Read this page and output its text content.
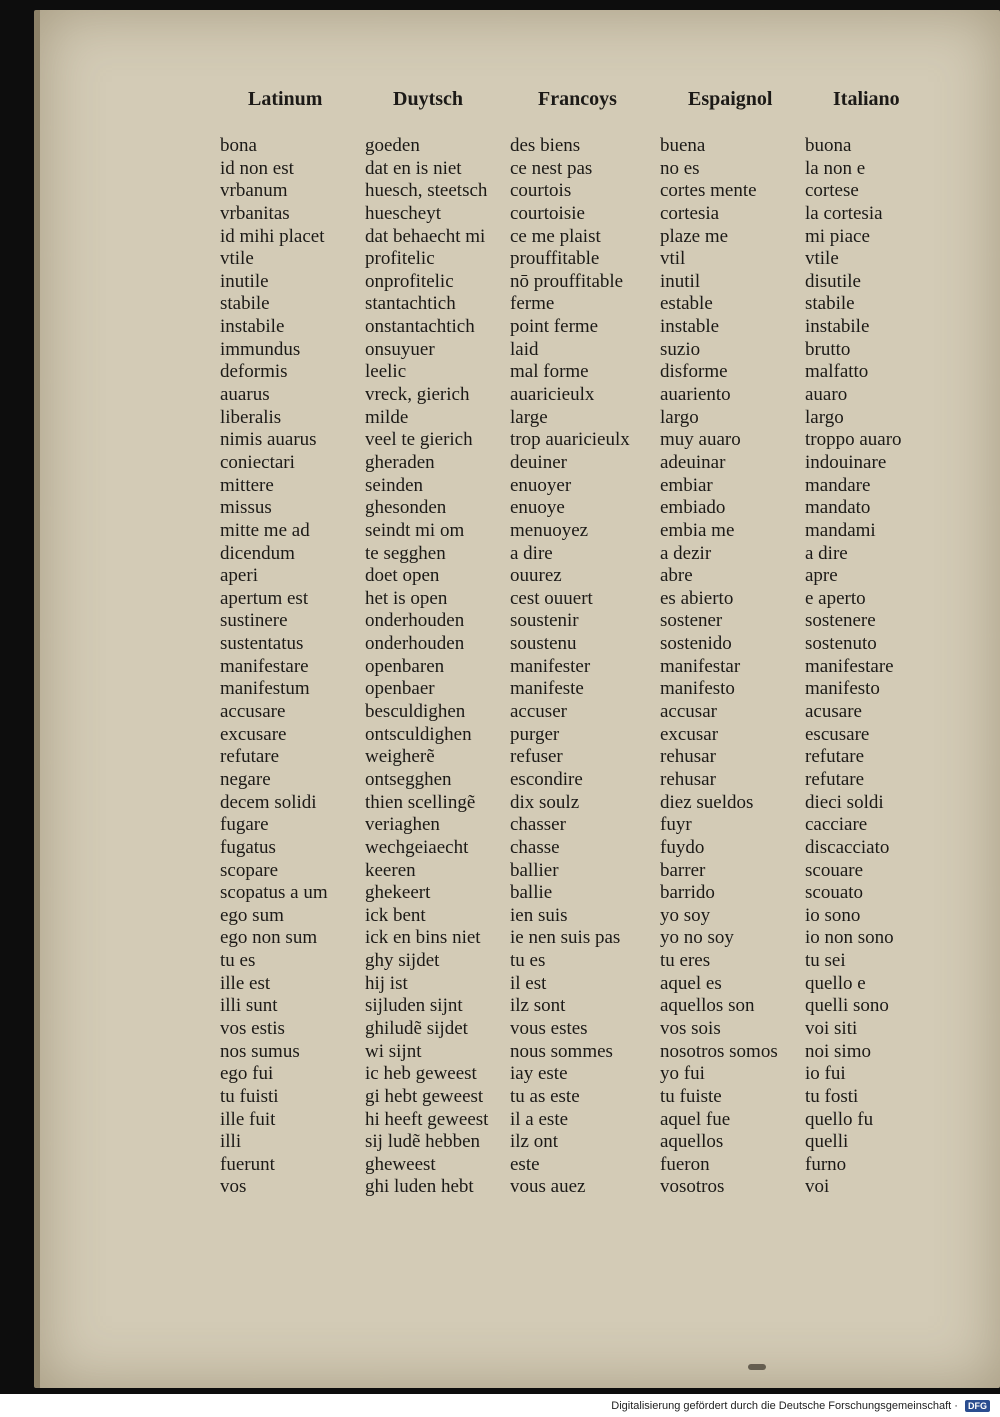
Latinum
bona
id non est
vrbanum
vrbanitas
id mihi placet
vtile
inutile
stabile
instabile
immundus
deformis
auarus
liberalis
nimis auarus
coniectari
mittere
missus
mitte me ad
dicendum
aperi
apertum est
sustinere
sustentatus
manifestare
manifestum
accusare
excusare
refutare
negare
decem solidi
fugare
fugatus
scopare
scopatus a um
ego sum
ego non sum
tu es
ille est
illi sunt
vos estis
nos sumus
ego fui
tu fuisti
ille fuit
illi
fuerunt
vos
Duytsch
goeden
dat en is niet
huesch, steetsch
huescheyt
dat behaecht mi
profitelic
onprofitelic
stantachtich
onstantachtich
onsuyuer
leelic
vreck, gierich
milde
veel te gierich
gheraden
seinden
ghesonden
seindt mi om
te segghen
doet open
het is open
onderhouden
onderhouden
openbaren
openbaer
besculdighen
ontsculdighen
weigherẽ
ontsegghen
thien scellingẽ
veriaghen
wechgeiaecht
keeren
ghekeert
ick bent
ick en bins niet
ghy sijdet
hij ist
sijluden sijnt
ghiludẽ sijdet
wi sijnt
ic heb geweest
gi hebt geweest
hi heeft geweest
sij ludẽ hebben
gheweest
ghi luden hebt
Francoys
des biens
ce nest pas
courtois
courtoisie
ce me plaist
prouffitable
nō prouffitable
ferme
point ferme
laid
mal forme
auaricieulx
large
trop auaricieulx
deuiner
enuoyer
enuoye
menuoyez
a dire
ouurez
cest ouuert
soustenir
soustenu
manifester
manifeste
accuser
purger
refuser
escondire
dix soulz
chasser
chasse
ballier
ballie
ien suis
ie nen suis pas
tu es
il est
ilz sont
vous estes
nous sommes
iay este
tu as este
il a este
ilz ont
este
vous auez
Espaignol
buena
no es
cortes mente
cortesia
plaze me
vtil
inutil
estable
instable
suzio
disforme
auariento
largo
muy auaro
adeuinar
embiar
embiado
embia me
a dezir
abre
es abierto
sostener
sostenido
manifestar
manifesto
accusar
excusar
rehusar
rehusar
diez sueldos
fuyr
fuydo
barrer
barrido
yo soy
yo no soy
tu eres
aquel es
aquellos son
vos sois
nosotros somos
yo fui
tu fuiste
aquel fue
aquellos
fueron
vosotros
Italiano
buona
la non e
cortese
la cortesia
mi piace
vtile
disutile
stabile
instabile
brutto
malfatto
auaro
largo
troppo auaro
indouinare
mandare
mandato
mandami
a dire
apre
e aperto
sostenere
sostenuto
manifestare
manifesto
acusare
escusare
refutare
refutare
dieci soldi
cacciare
discacciato
scouare
scouato
io sono
io non sono
tu sei
quello e
quelli sono
voi siti
noi simo
io fui
tu fosti
quello fu
quelli
furno
voi
Digitalisierung gefördert durch die Deutsche Forschungsgemeinschaft · DFG
